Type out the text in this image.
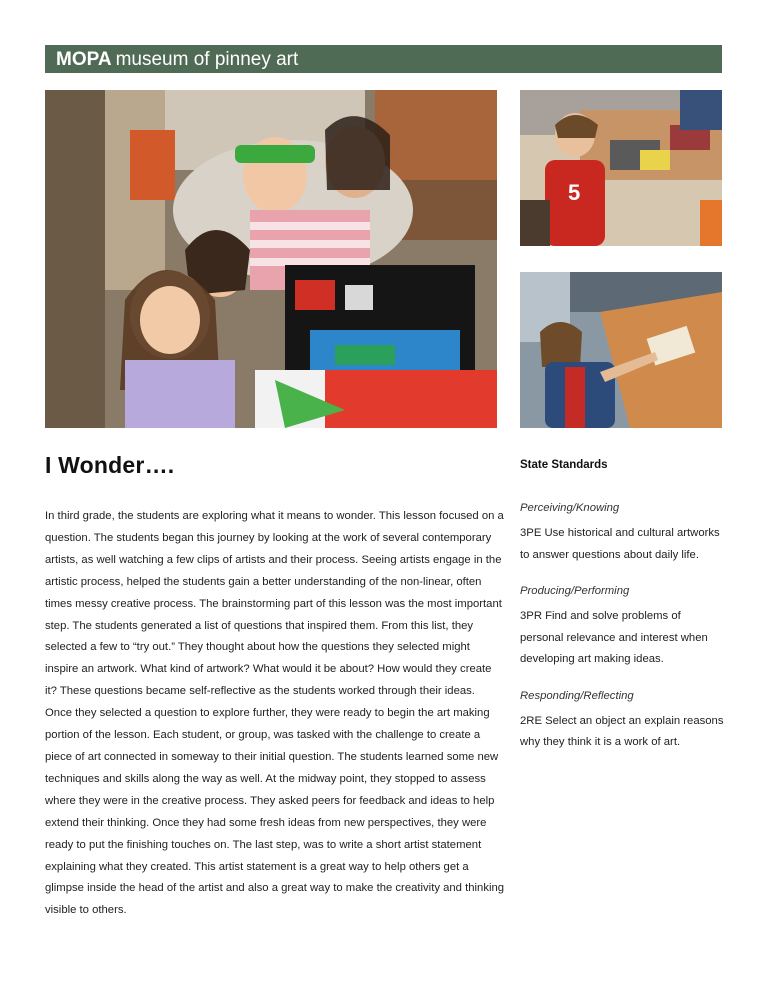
MOPA museum of pinney art
5
I Wonder….

In third grade, the students are exploring what it means to wonder. This lesson focused on a question. The students began this journey by looking at the work of several contemporary artists, as well watching a few clips of artists and their process. Seeing artists engage in the artistic process, helped the students gain a better understanding of the non-linear, often times messy creative process. The brainstorming part of this lesson was the most important step. The students generated a list of questions that inspired them. From this list, they selected a few to “try out.” They thought about how the questions they selected might inspire an artwork. What kind of artwork? What would it be about? How would they create it? These questions became self-reflective as the students worked through their ideas. Once they selected a question to explore further, they were ready to begin the art making portion of the lesson. Each student, or group, was tasked with the challenge to create a piece of art connected in someway to their initial question. The students learned some new techniques and skills along the way as well. At the midway point, they stopped to assess where they were in the creative process. They asked peers for feedback and ideas to help extend their thinking. Once they had some fresh ideas from new perspectives, they were ready to put the finishing touches on. The last step, was to write a short artist statement explaining what they created. This artist statement is a great way to help others get a glimpse inside the head of the artist and also a great way to make the creativity and thinking visible to others.

State Standards

Perceiving/Knowing

3PE Use historical and cultural artworks to answer questions about daily life.

Producing/Performing

3PR Find and solve problems of personal relevance and interest when developing art making ideas.

Responding/Reflecting

2RE Select an object an explain reasons why they think it is a work of art.
